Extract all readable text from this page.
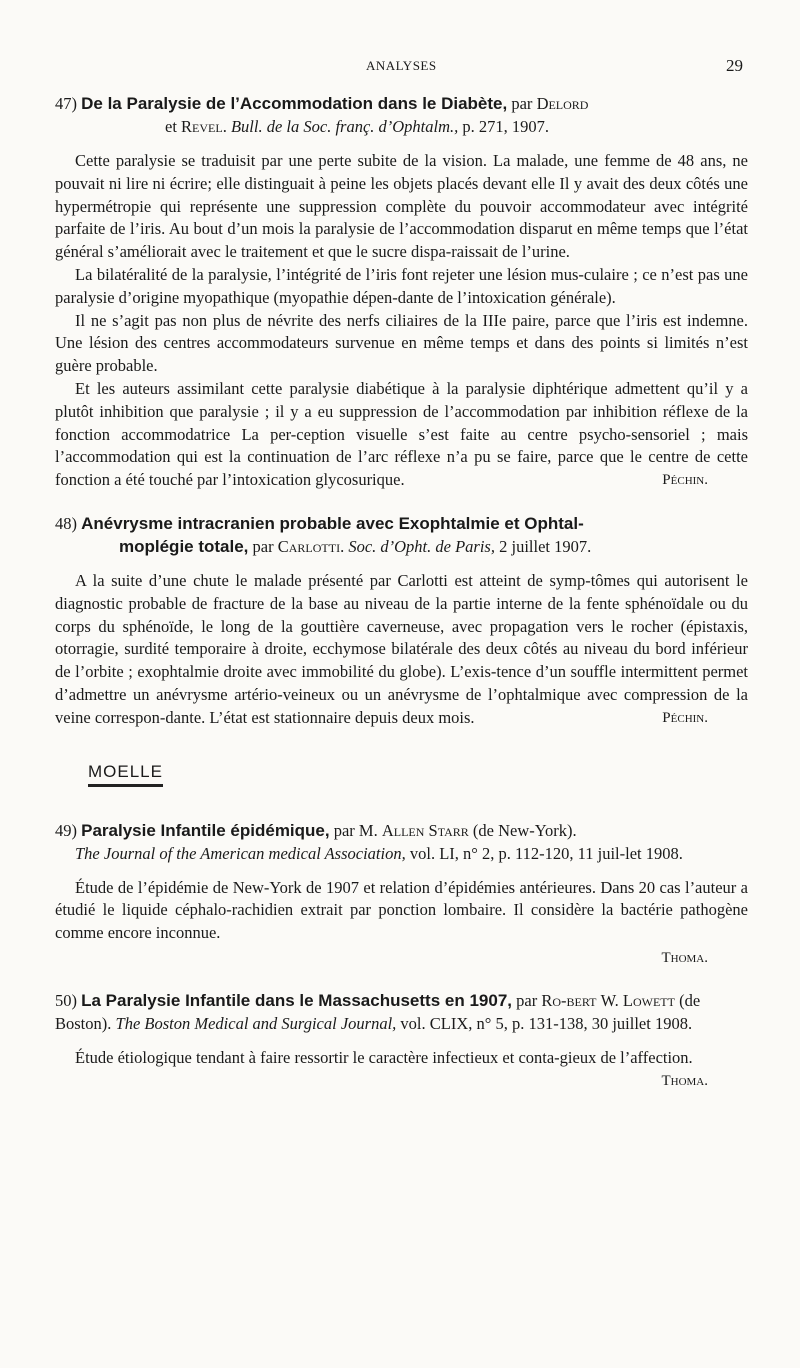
ANALYSES	29

47) De la Paralysie de l’Accommodation dans le Diabète, par Delord
et Revel. Bull. de la Soc. franç. d’Ophtalm., p. 271, 1907.

Cette paralysie se traduisit par une perte subite de la vision. La malade, une femme de 48 ans, ne pouvait ni lire ni écrire; elle distinguait à peine les objets placés devant elle Il y avait des deux côtés une hypermétropie qui représente une suppression complète du pouvoir accommodateur avec intégrité parfaite de l’iris. Au bout d’un mois la paralysie de l’accommodation disparut en même temps que l’état général s’améliorait avec le traitement et que le sucre dispa-raissait de l’urine.

La bilatéralité de la paralysie, l’intégrité de l’iris font rejeter une lésion mus-culaire ; ce n’est pas une paralysie d’origine myopathique (myopathie dépen-dante de l’intoxication générale).

Il ne s’agit pas non plus de névrite des nerfs ciliaires de la IIIe paire, parce que l’iris est indemne. Une lésion des centres accommodateurs survenue en même temps et dans des points si limités n’est guère probable.

Et les auteurs assimilant cette paralysie diabétique à la paralysie diphtérique admettent qu’il y a plutôt inhibition que paralysie ; il y a eu suppression de l’accommodation par inhibition réflexe de la fonction accommodatrice La per-ception visuelle s’est faite au centre psycho-sensoriel ; mais l’accommodation qui est la continuation de l’arc réflexe n’a pu se faire, parce que le centre de cette fonction a été touché par l’intoxication glycosurique.	Péchin.

48) Anévrysme intracranien probable avec Exophtalmie et Ophtal-
moplégie totale, par Carlotti. Soc. d’Opht. de Paris, 2 juillet 1907.

A la suite d’une chute le malade présenté par Carlotti est atteint de symp-tômes qui autorisent le diagnostic probable de fracture de la base au niveau de la partie interne de la fente sphénoïdale ou du corps du sphénoïde, le long de la gouttière caverneuse, avec propagation vers le rocher (épistaxis, otorragie, surdité temporaire à droite, ecchymose bilatérale des deux côtés au niveau du bord inférieur de l’orbite ; exophtalmie droite avec immobilité du globe). L’exis-tence d’un souffle intermittent permet d’admettre un anévrysme artério-veineux ou un anévrysme de l’ophtalmique avec compression de la veine correspon-dante. L’état est stationnaire depuis deux mois.	Péchin.

MOELLE

49) Paralysie Infantile épidémique, par M. Allen Starr (de New-York).
The Journal of the American medical Association, vol. LI, n° 2, p. 112-120, 11 juil-let 1908.

Étude de l’épidémie de New-York de 1907 et relation d’épidémies antérieures. Dans 20 cas l’auteur a étudié le liquide céphalo-rachidien extrait par ponction lombaire. Il considère la bactérie pathogène comme encore inconnue.

Thoma.

50) La Paralysie Infantile dans le Massachusetts en 1907, par Ro-bert W. Lowett (de Boston). The Boston Medical and Surgical Journal, vol. CLIX, n° 5, p. 131-138, 30 juillet 1908.

Étude étiologique tendant à faire ressortir le caractère infectieux et conta-gieux de l’affection.
Thoma.
